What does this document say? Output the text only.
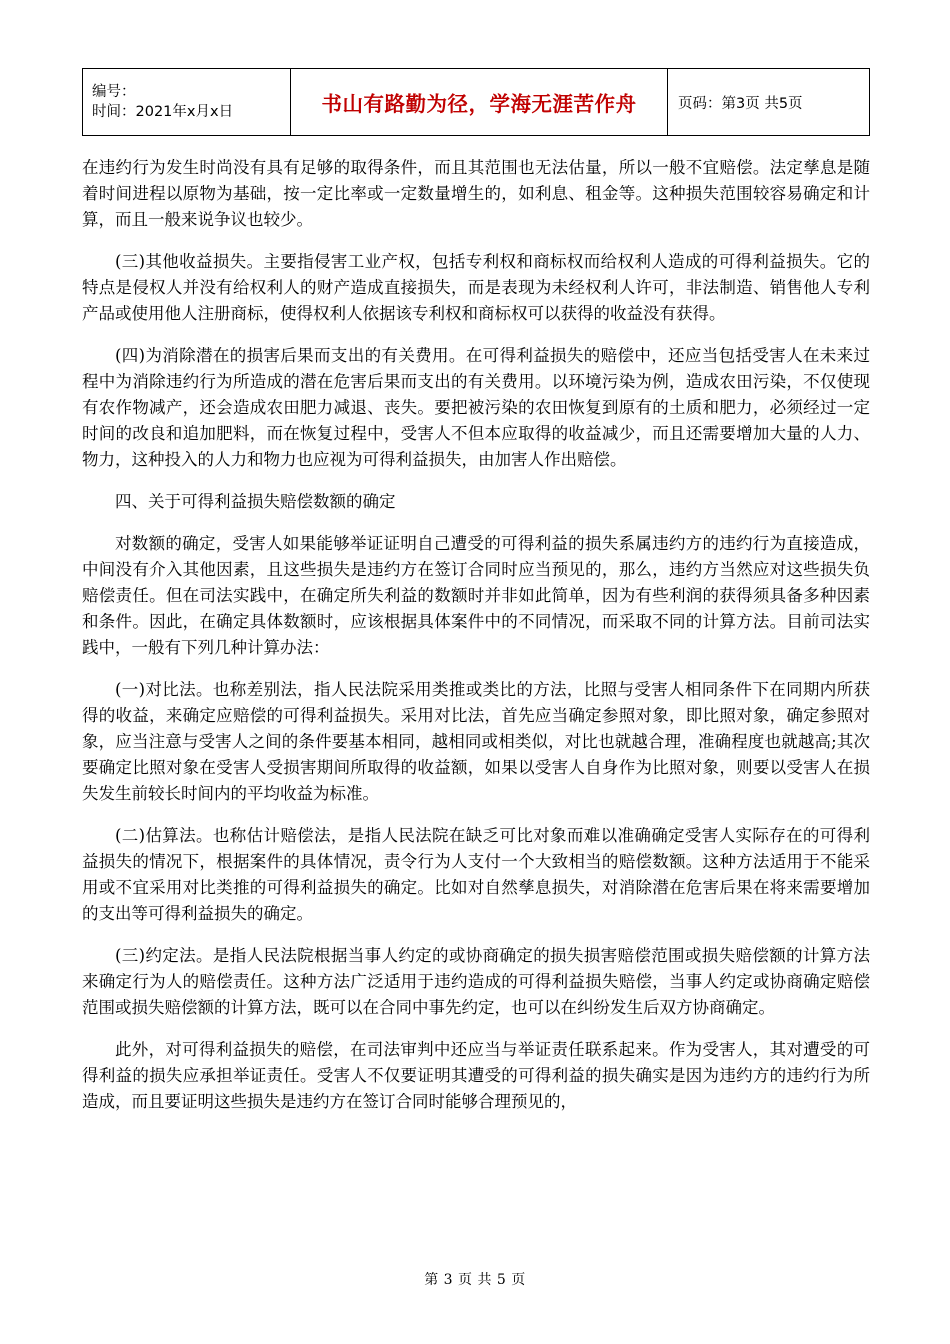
编号：
时间：2021年x月x日	书山有路勤为径，学海无涯苦作舟	页码：第3页 共5页

在违约行为发生时尚没有具有足够的取得条件，而且其范围也无法估量，所以一般不宜赔偿。法定孳息是随着时间进程以原物为基础，按一定比率或一定数量增生的，如利息、租金等。这种损失范围较容易确定和计算，而且一般来说争议也较少。

(三)其他收益损失。主要指侵害工业产权，包括专利权和商标权而给权利人造成的可得利益损失。它的特点是侵权人并没有给权利人的财产造成直接损失，而是表现为未经权利人许可，非法制造、销售他人专利产品或使用他人注册商标，使得权利人依据该专利权和商标权可以获得的收益没有获得。

(四)为消除潜在的损害后果而支出的有关费用。在可得利益损失的赔偿中，还应当包括受害人在未来过程中为消除违约行为所造成的潜在危害后果而支出的有关费用。以环境污染为例，造成农田污染，不仅使现有农作物减产，还会造成农田肥力减退、丧失。要把被污染的农田恢复到原有的土质和肥力，必须经过一定时间的改良和追加肥料，而在恢复过程中，受害人不但本应取得的收益减少，而且还需要增加大量的人力、物力，这种投入的人力和物力也应视为可得利益损失，由加害人作出赔偿。

四、关于可得利益损失赔偿数额的确定

对数额的确定，受害人如果能够举证证明自己遭受的可得利益的损失系属违约方的违约行为直接造成，中间没有介入其他因素，且这些损失是违约方在签订合同时应当预见的，那么，违约方当然应对这些损失负赔偿责任。但在司法实践中，在确定所失利益的数额时并非如此简单，因为有些利润的获得须具备多种因素和条件。因此，在确定具体数额时，应该根据具体案件中的不同情况，而采取不同的计算方法。目前司法实践中，一般有下列几种计算办法：

(一)对比法。也称差别法，指人民法院采用类推或类比的方法，比照与受害人相同条件下在同期内所获得的收益，来确定应赔偿的可得利益损失。采用对比法，首先应当确定参照对象，即比照对象，确定参照对象，应当注意与受害人之间的条件要基本相同，越相同或相类似，对比也就越合理，准确程度也就越高;其次要确定比照对象在受害人受损害期间所取得的收益额，如果以受害人自身作为比照对象，则要以受害人在损失发生前较长时间内的平均收益为标准。

(二)估算法。也称估计赔偿法，是指人民法院在缺乏可比对象而难以准确确定受害人实际存在的可得利益损失的情况下，根据案件的具体情况，责令行为人支付一个大致相当的赔偿数额。这种方法适用于不能采用或不宜采用对比类推的可得利益损失的确定。比如对自然孳息损失，对消除潜在危害后果在将来需要增加的支出等可得利益损失的确定。

(三)约定法。是指人民法院根据当事人约定的或协商确定的损失损害赔偿范围或损失赔偿额的计算方法来确定行为人的赔偿责任。这种方法广泛适用于违约造成的可得利益损失赔偿，当事人约定或协商确定赔偿范围或损失赔偿额的计算方法，既可以在合同中事先约定，也可以在纠纷发生后双方协商确定。

此外，对可得利益损失的赔偿，在司法审判中还应当与举证责任联系起来。作为受害人，其对遭受的可得利益的损失应承担举证责任。受害人不仅要证明其遭受的可得利益的损失确实是因为违约方的违约行为所造成，而且要证明这些损失是违约方在签订合同时能够合理预见的，

第 3 页 共 5 页
